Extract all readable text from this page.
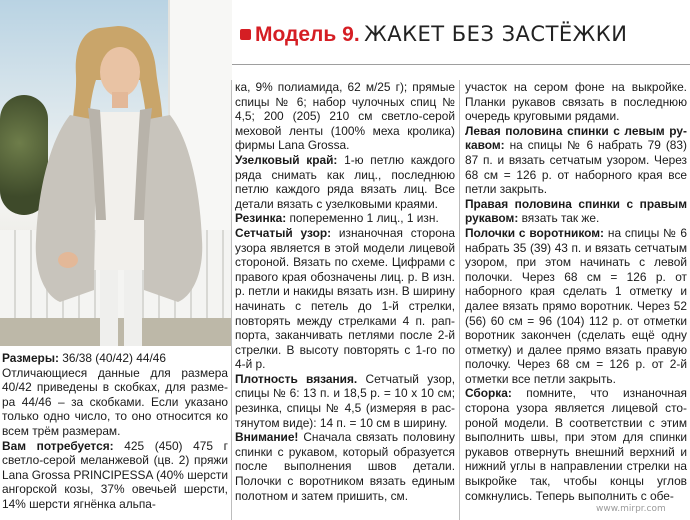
Модель 9. ЖАКЕТ БЕЗ ЗАСТЁЖКИ

Размеры: 36/38 (40/42) 44/46

Отличающиеся данные для размера 40/42 приведены в скобках, для размера 44/46 – за скобками. Если указано только одно число, то оно относится ко всем трём размерам.

Вам потребуется: 425 (450) 475 г светло-серой меланжевой (цв. 2) пряжи Lana Grossa PRINCIPESSA (40% шерсти ангорской козы, 37% овечьей шерсти, 14% шерсти ягнёнка альпа-

ка, 9% полиамида, 62 м/25 г); прямые спицы № 6; набор чулочных спиц № 4,5; 200 (205) 210 см светло-серой меховой ленты (100% меха кролика) фирмы Lana Grossa.

Узелковый край: 1-ю петлю каждого ряда снимать как лиц., последнюю петлю каждого ряда вязать лиц. Все детали вязать с узелковыми краями.

Резинка: попеременно 1 лиц., 1 изн.

Сетчатый узор: изнаночная сторона узора является в этой модели лицевой стороной. Вязать по схеме. Цифрами с правого края обозначены лиц. р. В изн. р. петли и накиды вязать изн. В ширину начинать с петель до 1-й стрелки, повторять между стрелками 4 п. раппорта, заканчивать петлями после 2-й стрелки. В высоту повторять с 1-го по 4-й р.

Плотность вязания. Сетчатый узор, спицы № 6: 13 п. и 18,5 р. = 10 х 10 см; резинка, спицы № 4,5 (измеряя в растянутом виде): 14 п. = 10 см в ширину.

Внимание! Сначала связать половину спинки с рукавом, который образуется после выполнения швов детали. Полочки с воротником вязать единым полотном и затем пришить, см.

участок на сером фоне на выкройке. Планки рукавов связать в последнюю очередь круговыми рядами.

Левая половина спинки с левым рукавом: на спицы № 6 набрать 79 (83) 87 п. и вязать сетчатым узором. Через 68 см = 126 р. от наборного края все петли закрыть.

Правая половина спинки с правым рукавом: вязать так же.

Полочки с воротником: на спицы № 6 набрать 35 (39) 43 п. и вязать сетчатым узором, при этом начинать с левой полочки. Через 68 см = 126 р. от наборного края сделать 1 отметку и далее вязать прямо воротник. Через 52 (56) 60 см = 96 (104) 112 р. от отметки воротник закончен (сделать ещё одну отметку) и далее прямо вязать правую полочку. Через 68 см = 126 р. от 2-й отметки все петли закрыть.

Сборка: помните, что изнаночная сторона узора является лицевой стороной модели. В соответствии с этим выполнить швы, при этом для спинки рукавов отвернуть внешний верхний и нижний углы в направлении стрелки на выкройке так, чтобы концы углов сомкнулись. Теперь выполнить с обе-

www.mirpr.com
